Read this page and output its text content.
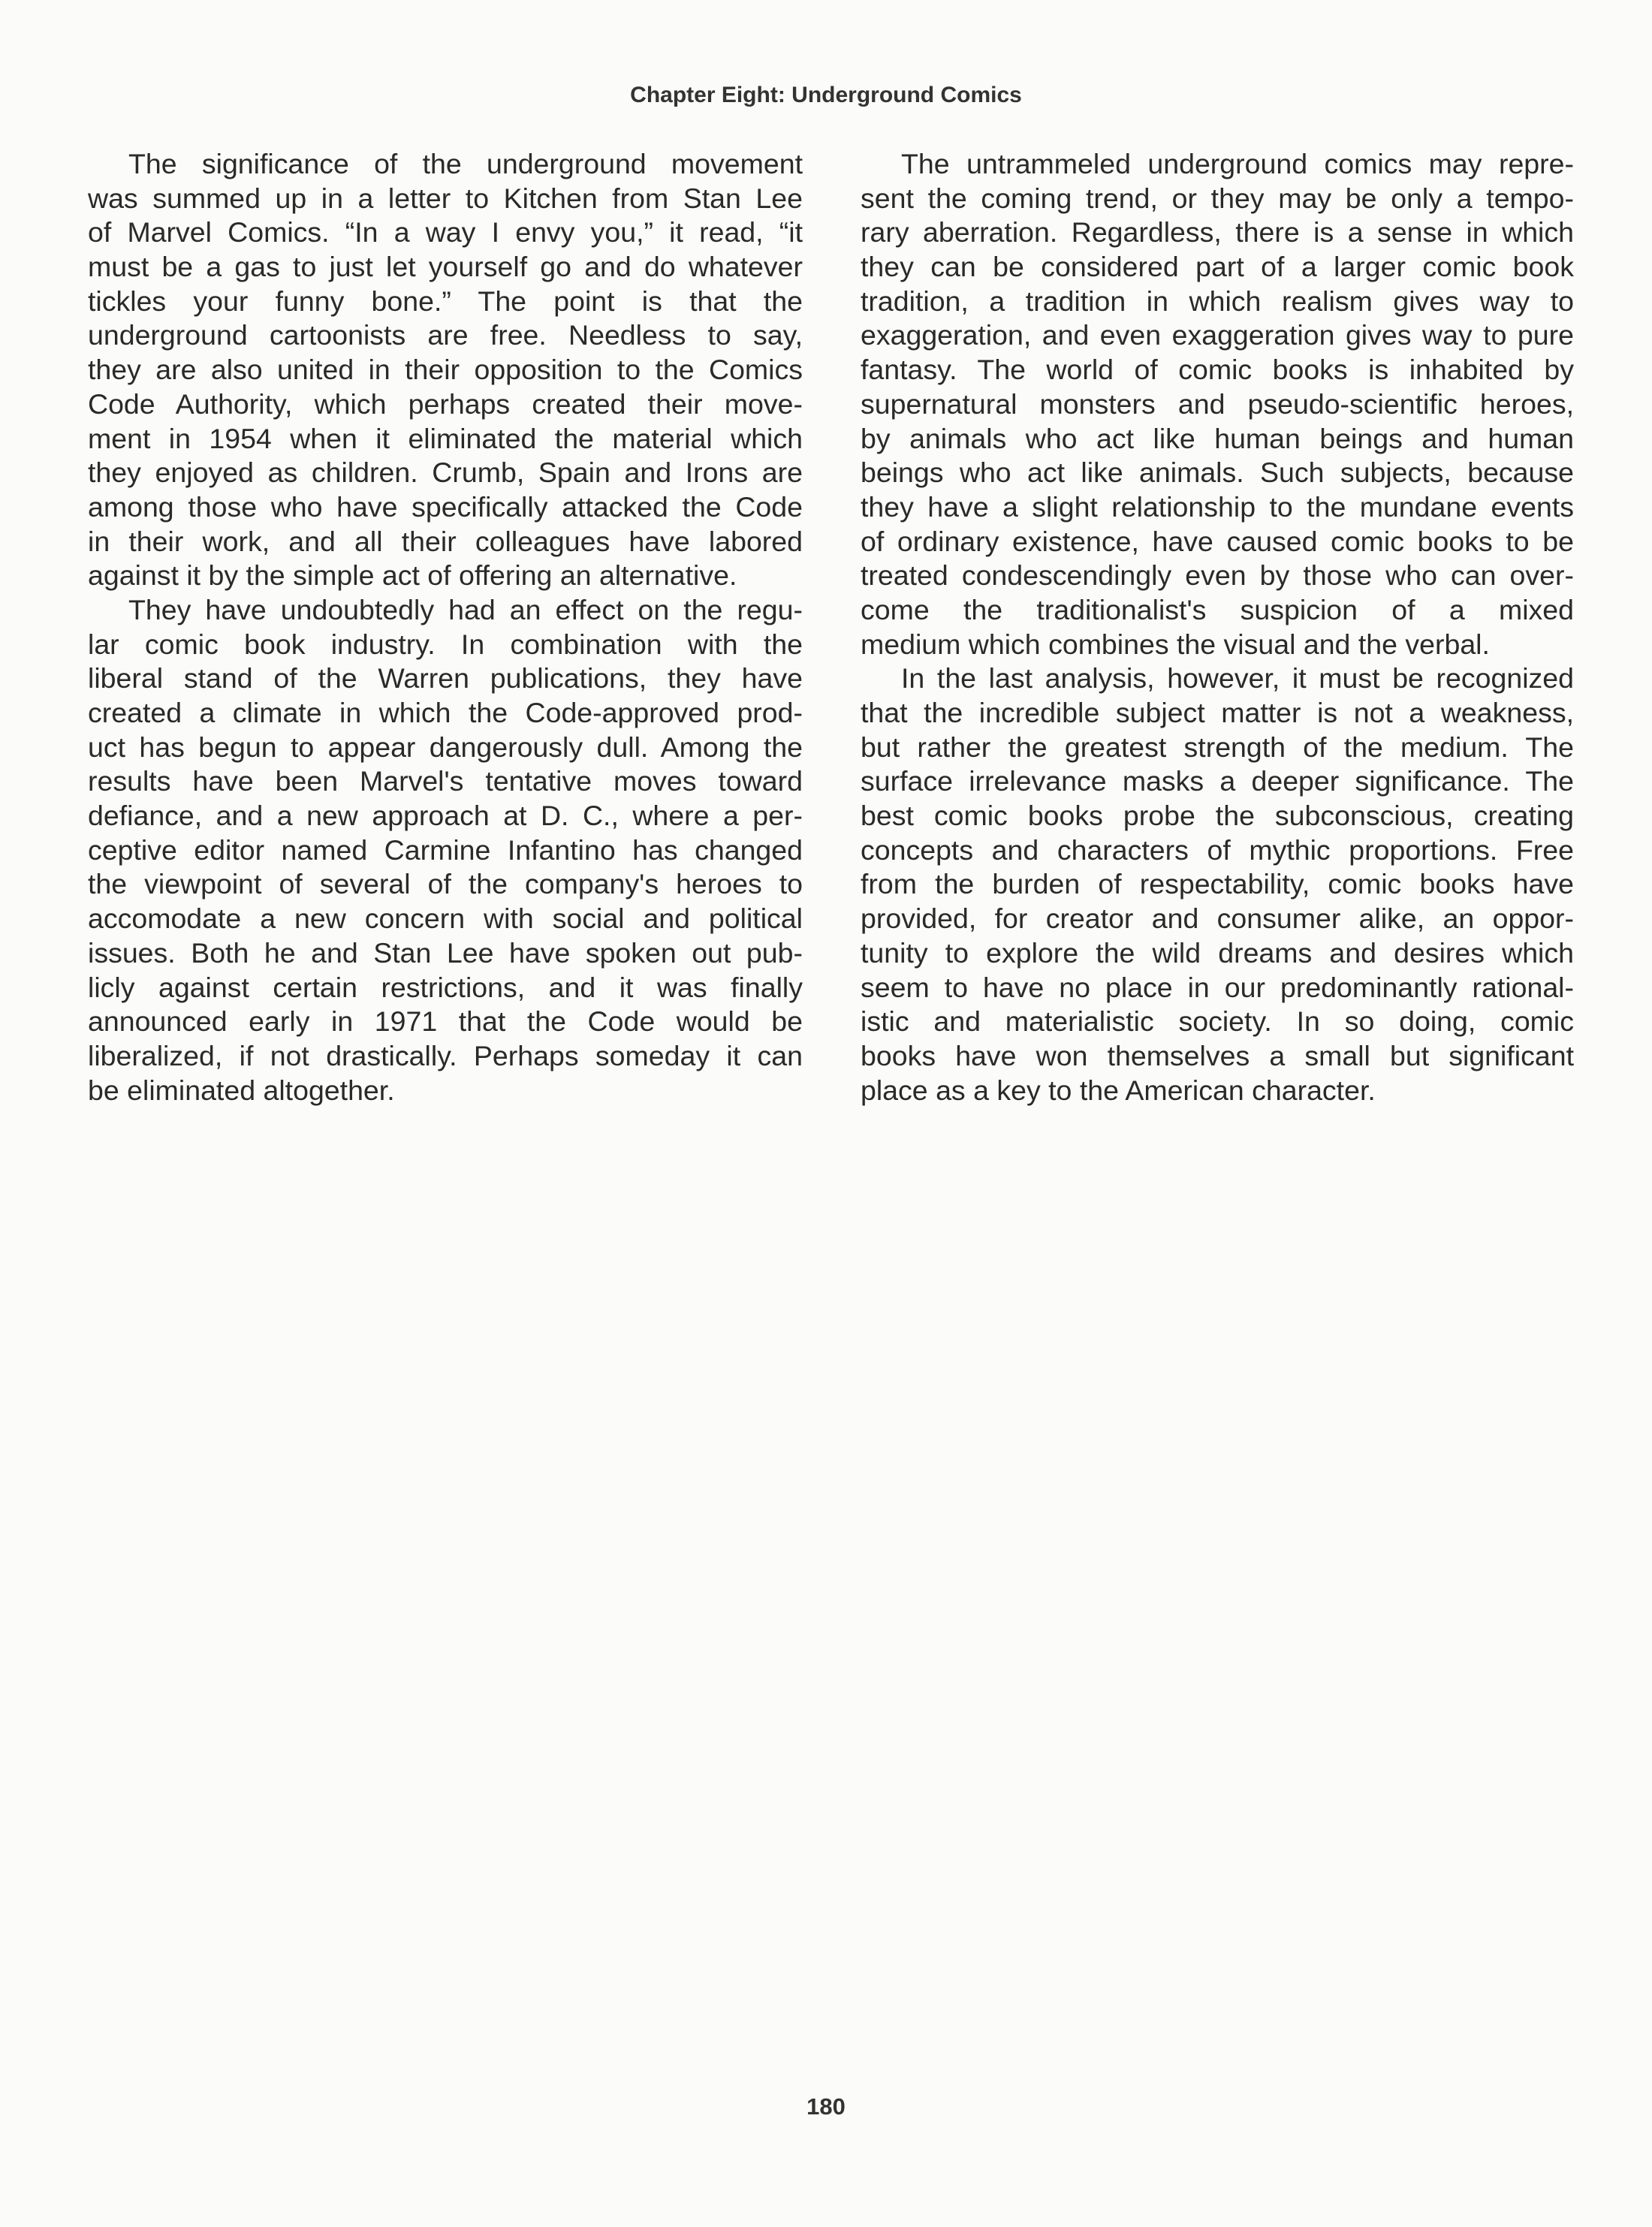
Chapter Eight: Underground Comics
The significance of the underground movement
was summed up in a letter to Kitchen from Stan Lee
of Marvel Comics. “In a way I envy you,” it read, “it
must be a gas to just let yourself go and do whatever
tickles your funny bone.” The point is that the
underground cartoonists are free. Needless to say,
they are also united in their opposition to the Comics
Code Authority, which perhaps created their move-
ment in 1954 when it eliminated the material which
they enjoyed as children. Crumb, Spain and Irons are
among those who have specifically attacked the Code
in their work, and all their colleagues have labored
against it by the simple act of offering an alternative.
They have undoubtedly had an effect on the regu-
lar comic book industry. In combination with the
liberal stand of the Warren publications, they have
created a climate in which the Code-approved prod-
uct has begun to appear dangerously dull. Among the
results have been Marvel's tentative moves toward
defiance, and a new approach at D. C., where a per-
ceptive editor named Carmine Infantino has changed
the viewpoint of several of the company's heroes to
accomodate a new concern with social and political
issues. Both he and Stan Lee have spoken out pub-
licly against certain restrictions, and it was finally
announced early in 1971 that the Code would be
liberalized, if not drastically. Perhaps someday it can
be eliminated altogether.
The untrammeled underground comics may repre-
sent the coming trend, or they may be only a tempo-
rary aberration. Regardless, there is a sense in which
they can be considered part of a larger comic book
tradition, a tradition in which realism gives way to
exaggeration, and even exaggeration gives way to pure
fantasy. The world of comic books is inhabited by
supernatural monsters and pseudo-scientific heroes,
by animals who act like human beings and human
beings who act like animals. Such subjects, because
they have a slight relationship to the mundane events
of ordinary existence, have caused comic books to be
treated condescendingly even by those who can over-
come the traditionalist's suspicion of a mixed
medium which combines the visual and the verbal.
In the last analysis, however, it must be recognized
that the incredible subject matter is not a weakness,
but rather the greatest strength of the medium. The
surface irrelevance masks a deeper significance. The
best comic books probe the subconscious, creating
concepts and characters of mythic proportions. Free
from the burden of respectability, comic books have
provided, for creator and consumer alike, an oppor-
tunity to explore the wild dreams and desires which
seem to have no place in our predominantly rational-
istic and materialistic society. In so doing, comic
books have won themselves a small but significant
place as a key to the American character.
180
